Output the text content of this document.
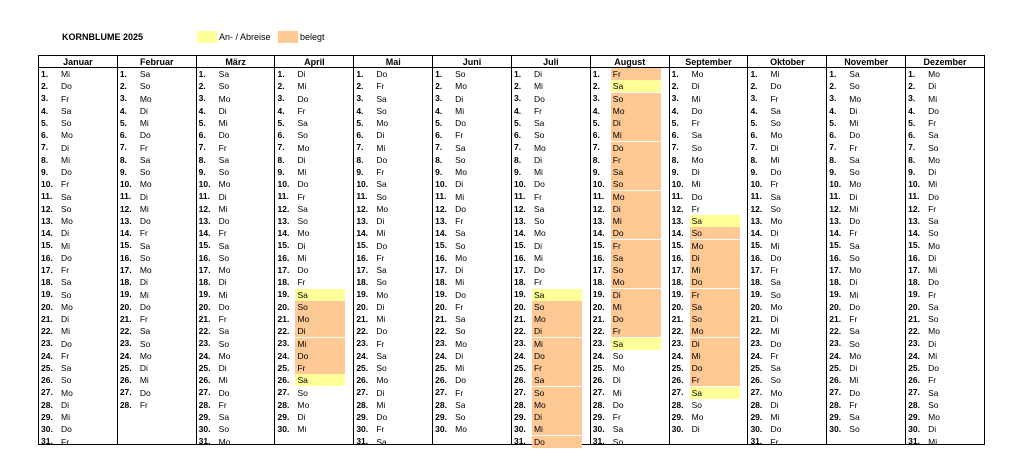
KORNBLUME 2025	An- / Abreise	belegt
Januar
1.	Mi
2.	Do
3.	Fr
4.	Sa
5.	So
6.	Mo
7.	Di
8.	Mi
9.	Do
10. Fr
11.	Sa
12. So
13. Mo
14. Di
15. Mi
16. Do
17. Fr
18. Sa
19. So
20. Mo
21. Di
22. Mi
23. Do
24. Fr
25. Sa
26. So
27. Mo
28. Di
29. Mi
30. Do
31. Fr
Februar
1.	Sa
2.	So
3.	Mo
4.	Di
5.	Mi
6.	Do
7.	Fr
8.	Sa
9.	So
10. Mo
11.	Di
12. Mi
13. Do
14. Fr
15. Sa
16. So
17. Mo
18. Di
19. Mi
20. Do
21. Fr
22. Sa
23. So
24. Mo
25. Di
26. Mi
27. Do
28. Fr
März
1.	Sa
2.	So
3.	Mo
4.	Di
5.	Mi
6.	Do
7.	Fr
8.	Sa
9.	So
10. Mo
11.	Di
12. Mi
13. Do
14. Fr
15. Sa
16. So
17. Mo
18. Di
19. Mi
20. Do
21. Fr
22. Sa
23. So
24. Mo
25. Di
26. Mi
27. Do
28. Fr
29. Sa
30. So
31. Mo
April
1.	Di
2.	Mi
3.	Do
4.	Fr
5.	Sa
6.	So
7.	Mo
8.	Di
9.	Mi
10. Do
11.	Fr
12. Sa
13. So
14. Mo
15. Di
16. Mi
17. Do
18. Fr
19. Sa
20. So
21. Mo
22. Di
23. Mi
24. Do
25. Fr
26. Sa
27. So
28. Mo
29. Di
30. Mi
Mai
1.	Do
2.	Fr
3.	Sa
4.	So
5.	Mo
6.	Di
7.	Mi
8.	Do
9.	Fr
10. Sa
11.	So
12. Mo
13. Di
14. Mi
15. Do
16. Fr
17. Sa
18. So
19. Mo
20. Di
21. Mi
22. Do
23. Fr
24. Sa
25. So
26. Mo
27. Di
28. Mi
29. Do
30. Fr
31. Sa
Juni
1.	So
2.	Mo
3.	Di
4.	Mi
5.	Do
6.	Fr
7.	Sa
8.	So
9.	Mo
10. Di
11.	Mi
12. Do
13. Fr
14. Sa
15. So
16. Mo
17. Di
18. Mi
19. Do
20. Fr
21. Sa
22. So
23. Mo
24. Di
25. Mi
26. Do
27. Fr
28. Sa
29. So
30. Mo
Juli
1.	Di
2.	Mi
3.	Do
4.	Fr
5.	Sa
6.	So
7.	Mo
8.	Di
9.	Mi
10. Do
11.	Fr
12. Sa
13. So
14. Mo
15. Di
16. Mi
17. Do
18. Fr
19. Sa
20. So
21. Mo
22. Di
23. Mi
24. Do
25. Fr
26. Sa
27. So
28. Mo
29. Di
30. Mi
31. Do
August
1.	Fr
2.	Sa
3.	So
4.	Mo
5.	Di
6.	Mi
7.	Do
8.	Fr
9.	Sa
10. So
11.	Mo
12. Di
13. Mi
14. Do
15. Fr
16. Sa
17. So
18. Mo
19. Di
20. Mi
21. Do
22. Fr
23. Sa
24. So
25. Mo
26. Di
27. Mi
28. Do
29. Fr
30. Sa
31. So
September
1.	Mo
2.	Di
3.	Mi
4.	Do
5.	Fr
6.	Sa
7.	So
8.	Mo
9.	Di
10. Mi
11.	Do
12. Fr
13. Sa
14. So
15. Mo
16. Di
17. Mi
18. Do
19. Fr
20. Sa
21. So
22. Mo
23. Di
24. Mi
25. Do
26. Fr
27. Sa
28. So
29. Mo
30. Di
Oktober
1.	Mi
2.	Do
3.	Fr
4.	Sa
5.	So
6.	Mo
7.	Di
8.	Mi
9.	Do
10. Fr
11.	Sa
12. So
13. Mo
14. Di
15. Mi
16. Do
17. Fr
18. Sa
19. So
20. Mo
21. Di
22. Mi
23. Do
24. Fr
25. Sa
26. So
27. Mo
28. Di
29. Mi
30. Do
31. Fr
November
1.	Sa
2.	So
3.	Mo
4.	Di
5.	Mi
6.	Do
7.	Fr
8.	Sa
9.	So
10. Mo
11.	Di
12. Mi
13. Do
14. Fr
15. Sa
16. So
17. Mo
18. Di
19. Mi
20. Do
21. Fr
22. Sa
23. So
24. Mo
25. Di
26. Mi
27. Do
28. Fr
29. Sa
30. So
Dezember
1.	Mo
2.	Di
3.	Mi
4.	Do
5.	Fr
6.	Sa
7.	So
8.	Mo
9.	Di
10. Mi
11.	Do
12. Fr
13. Sa
14. So
15. Mo
16. Di
17. Mi
18. Do
19. Fr
20. Sa
21. So
22. Mo
23. Di
24. Mi
25. Do
26. Fr
27. Sa
28. So
29. Mo
30. Di
31. Mi
